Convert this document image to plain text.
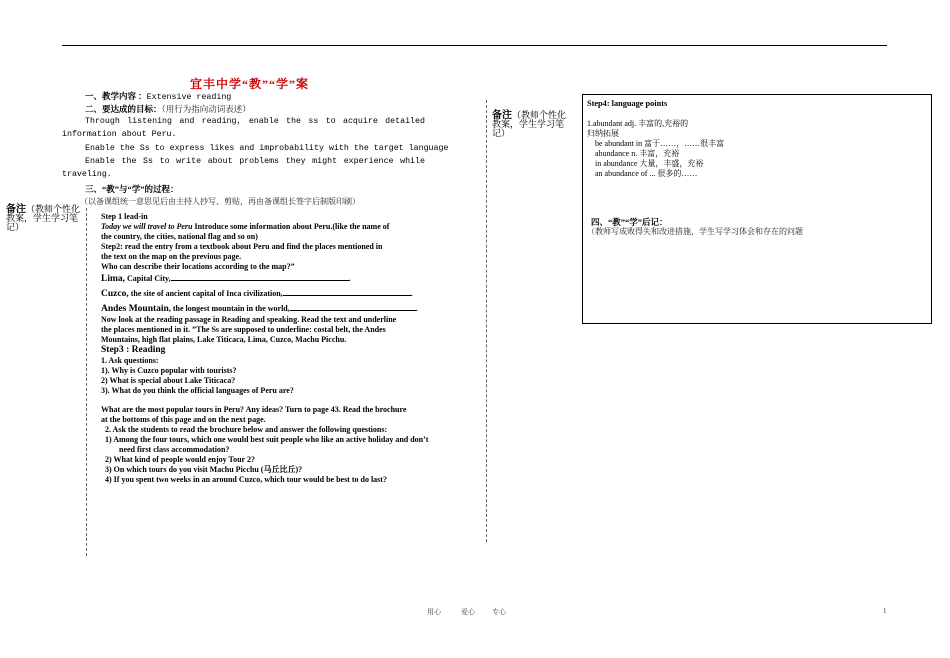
宜丰中学“教”“学”案
一、教学内容 ：Extensive reading
二、要达成的目标：（用行为指向动词表述）
Through listening and reading, enable the ss to acquire detailed
information about Peru.
Enable the Ss to express likes and improbability with the target language
Enable the Ss to write about problems they might experience while
traveling.
三、“教”与“学”的过程：
（以备课组统一意思见后由主持人抄写、剪贴，再由备课组长签字后制版印刷）
备注（教师个性化
教案，学生学习笔
记）
备注（教师个性化
教案，学生学习笔
记）
Step 1 lead-in
Today we will travel to Peru Introduce some information about Peru.(like the name of
the country, the cities, national flag and so on)
Step2: read the entry from a textbook about Peru and find the places mentioned in
the text on the map on the previous page.
Who can describe their locations according to the map?”
Lima, Capital City,	.
Cuzco, the site of ancient capital of Inca civilization,	.
Andes Mountain, the longest mountain in the world,	.
Now look at the reading passage in Reading and speaking. Read the text and underline
the places mentioned in it. ”The Ss are supposed to underline: costal belt, the Andes
Mountains, high flat plains, Lake Titicaca, Lima, Cuzco, Machu Picchu.
Step3 : Reading
1. Ask questions:
1). Why is Cuzco popular with tourists?
2) What is special about Lake Titicaca?
3). What do you think the official languages of Peru are?
What are the most popular tours in Peru? Any ideas? Turn to page 43. Read the brochure
at the bottoms of this page and on the next page.
2. Ask the students to read the brochure below and answer the following questions:
1) Among the four tours, which one would best suit people who like an active holiday and don’t
need first class accommodation?
2) What kind of people would enjoy Tour 2?
3) On which tours do you visit Machu Picchu (马丘比丘)?
4) If you spent two weeks in an around Cuzco, which tour would be best to do last?
Step4: language points
1.abundant adj. 丰富的,充裕的
归纳拓展
be abundant in 富于……，……很丰富
abundance n. 丰富，充裕
in abundance 大量，丰盛，充裕
an abundance of ... 很多的……
四、“教”“学”后记：
（教师写成败得失和改进措施，学生写学习体会和存在的问题
用心	爱心 专心	1
